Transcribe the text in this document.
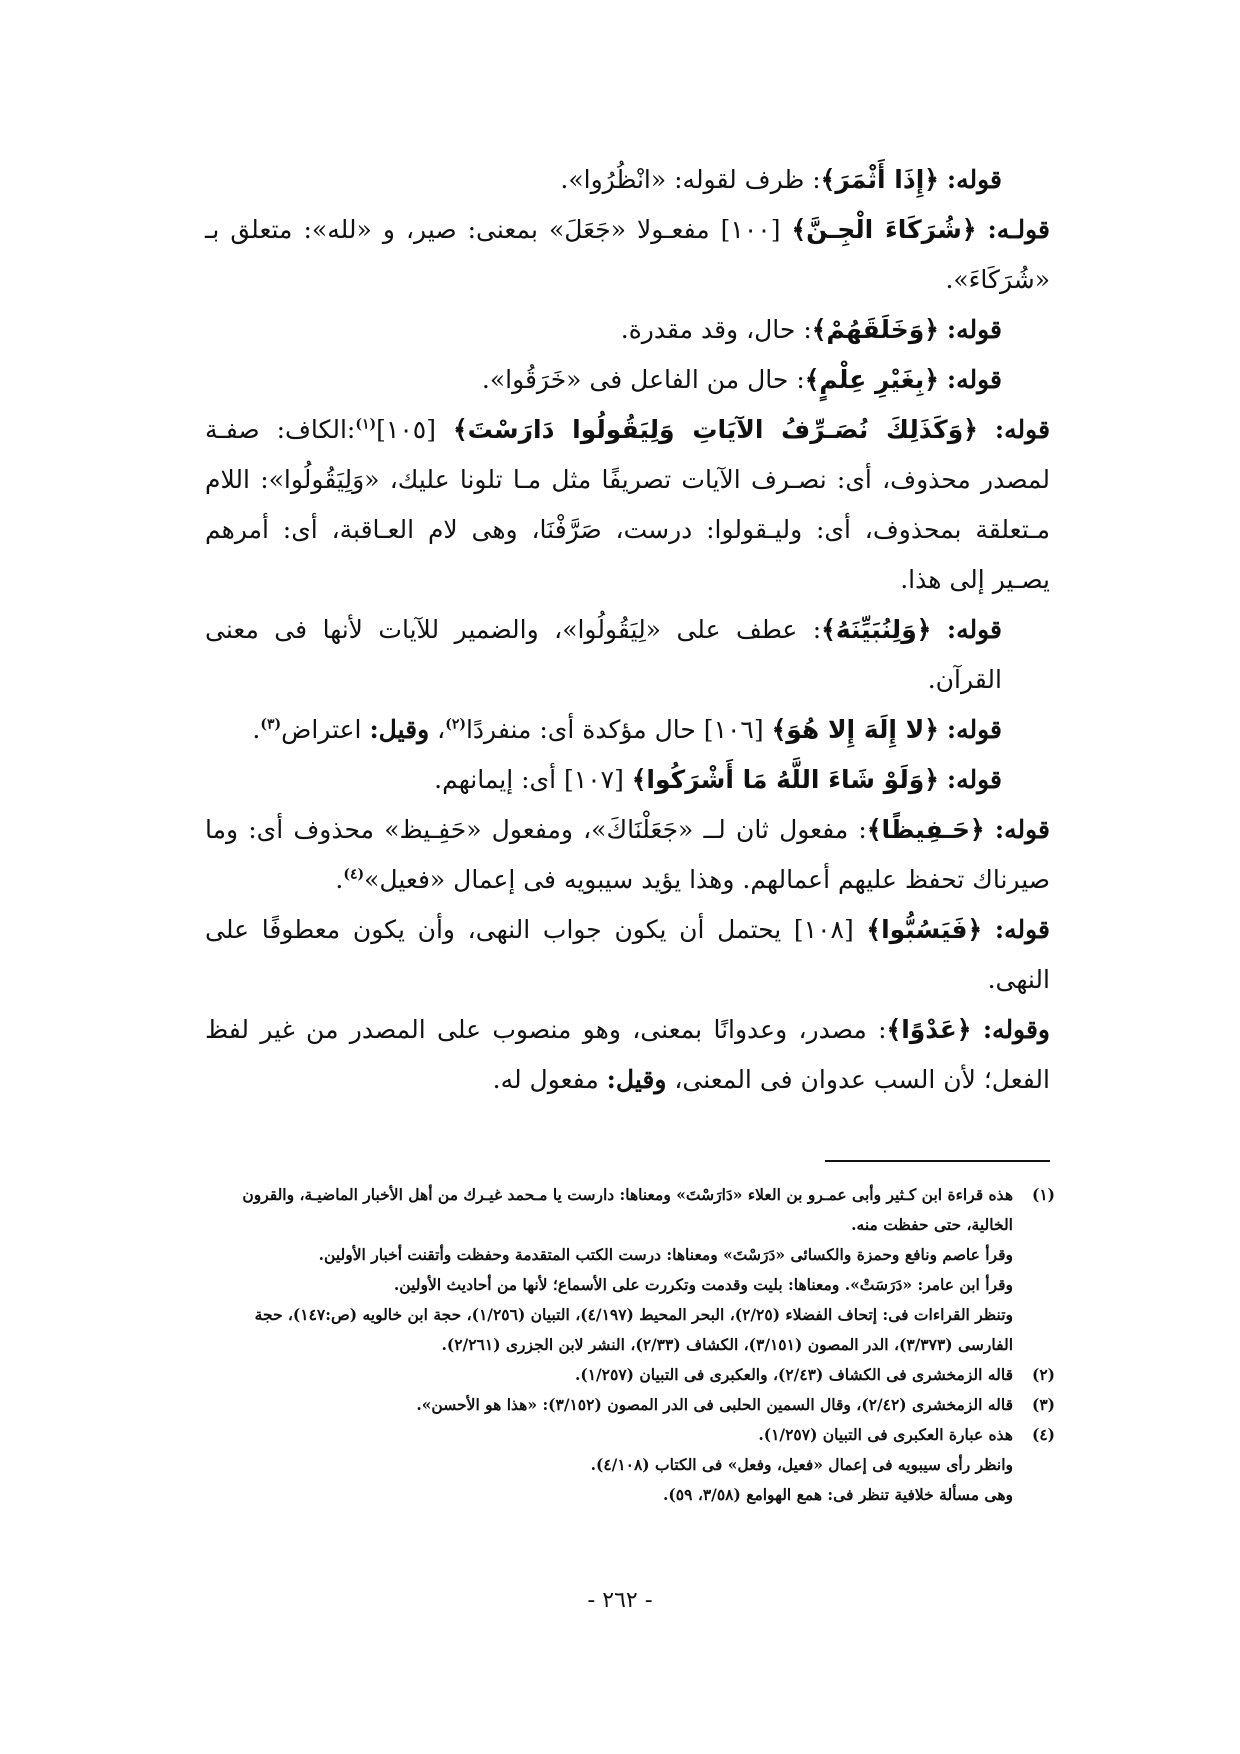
قوله: ﴿إِذَا أَثْمَرَ﴾: ظرف لقوله: «انْظُرُوا».

قولـه: ﴿شُرَكَاءَ الْجِـنَّ﴾ [١٠٠] مفعـولا «جَعَلَ» بمعنى: صير، و «لله»: متعلق بـ «شُرَكَاءَ».

قوله: ﴿وَخَلَقَهُمْ﴾: حال، وقد مقدرة.

قوله: ﴿بِغَيْرِ عِلْمٍ﴾: حال من الفاعل فى «خَرَقُوا».

قوله: ﴿وَكَذَلِكَ نُصَـرِّفُ الآيَاتِ وَلِيَقُولُوا دَارَسْتَ﴾ [١٠٥]$^{(١)}$:الكاف: صفـة لمصدر محذوف، أى: نصـرف الآيات تصريفًا مثل مـا تلونا عليك، «وَلِيَقُولُوا»: اللام مـتعلقة بمحذوف، أى: وليـقولوا: درست، صَرَّفْنَا، وهى لام العـاقبة، أى: أمرهم يصـير إلى هذا.

قوله: ﴿وَلِنُبَيِّنَهُ﴾: عطف على «لِيَقُولُوا»، والضمير للآيات لأنها فى معنى القرآن.

قوله: ﴿لا إِلَهَ إِلا هُوَ﴾ [١٠٦] حال مؤكدة أى: منفردًا$^{(٢)}$، وقيل: اعتراض$^{(٣)}$.

قوله: ﴿وَلَوْ شَاءَ اللَّهُ مَا أَشْرَكُوا﴾ [١٠٧] أى: إيمانهم.

قوله: ﴿حَـفِيظًا﴾: مفعول ثان لــ «جَعَلْنَاكَ»، ومفعول «حَفِـيظ» محذوف أى: وما صيرناك تحفظ عليهم أعمالهم. وهذا يؤيد سيبويه فى إعمال «فعيل»$^{(٤)}$.

قوله: ﴿فَيَسُبُّوا﴾ [١٠٨] يحتمل أن يكون جواب النهى، وأن يكون معطوفًا على النهى.

وقوله: ﴿عَدْوًا﴾: مصدر، وعدوانًا بمعنى، وهو منصوب على المصدر من غير لفظ الفعل؛ لأن السب عدوان فى المعنى، وقيل: مفعول له.

(١)
هذه قراءة ابن كـثير وأبى عمـرو بن العلاء «دَارَسْتَ» ومعناها: دارست يا مـحمد غيـرك من أهل الأخبار الماضيـة، والقرون الخالية، حتى حفظت منه.
وقرأ عاصم ونافع وحمزة والكسائى «دَرَسْتَ» ومعناها: درست الكتب المتقدمة وحفظت وأتقنت أخبار الأولين.
وقرأ ابن عامر: «دَرَسَتْ». ومعناها: بليت وقدمت وتكررت على الأسماع؛ لأنها من أحاديث الأولين.
وتنظر القراءات فى: إتحاف الفضلاء (٢/٢٥)، البحر المحيط (٤/١٩٧)، التبيان (١/٢٥٦)، حجة ابن خالويه (ص:١٤٧)، حجة الفارسى (٣/٣٧٣)، الدر المصون (٣/١٥١)، الكشاف (٢/٣٣)، النشر لابن الجزرى (٢/٢٦١).
(٢)
قاله الزمخشرى فى الكشاف (٢/٤٣)، والعكبرى فى التبيان (١/٢٥٧).
(٣)
قاله الزمخشرى (٢/٤٢)، وقال السمين الحلبى فى الدر المصون (٣/١٥٢): «هذا هو الأحسن».
(٤)
هذه عبارة العكبرى فى التبيان (١/٢٥٧).
وانظر رأى سيبويه فى إعمال «فعيل، وفعل» فى الكتاب (٤/١٠٨).
وهى مسألة خلافية تنظر فى: همع الهوامع (٣/٥٨، ٥٩).
- ٢٦٢ -
